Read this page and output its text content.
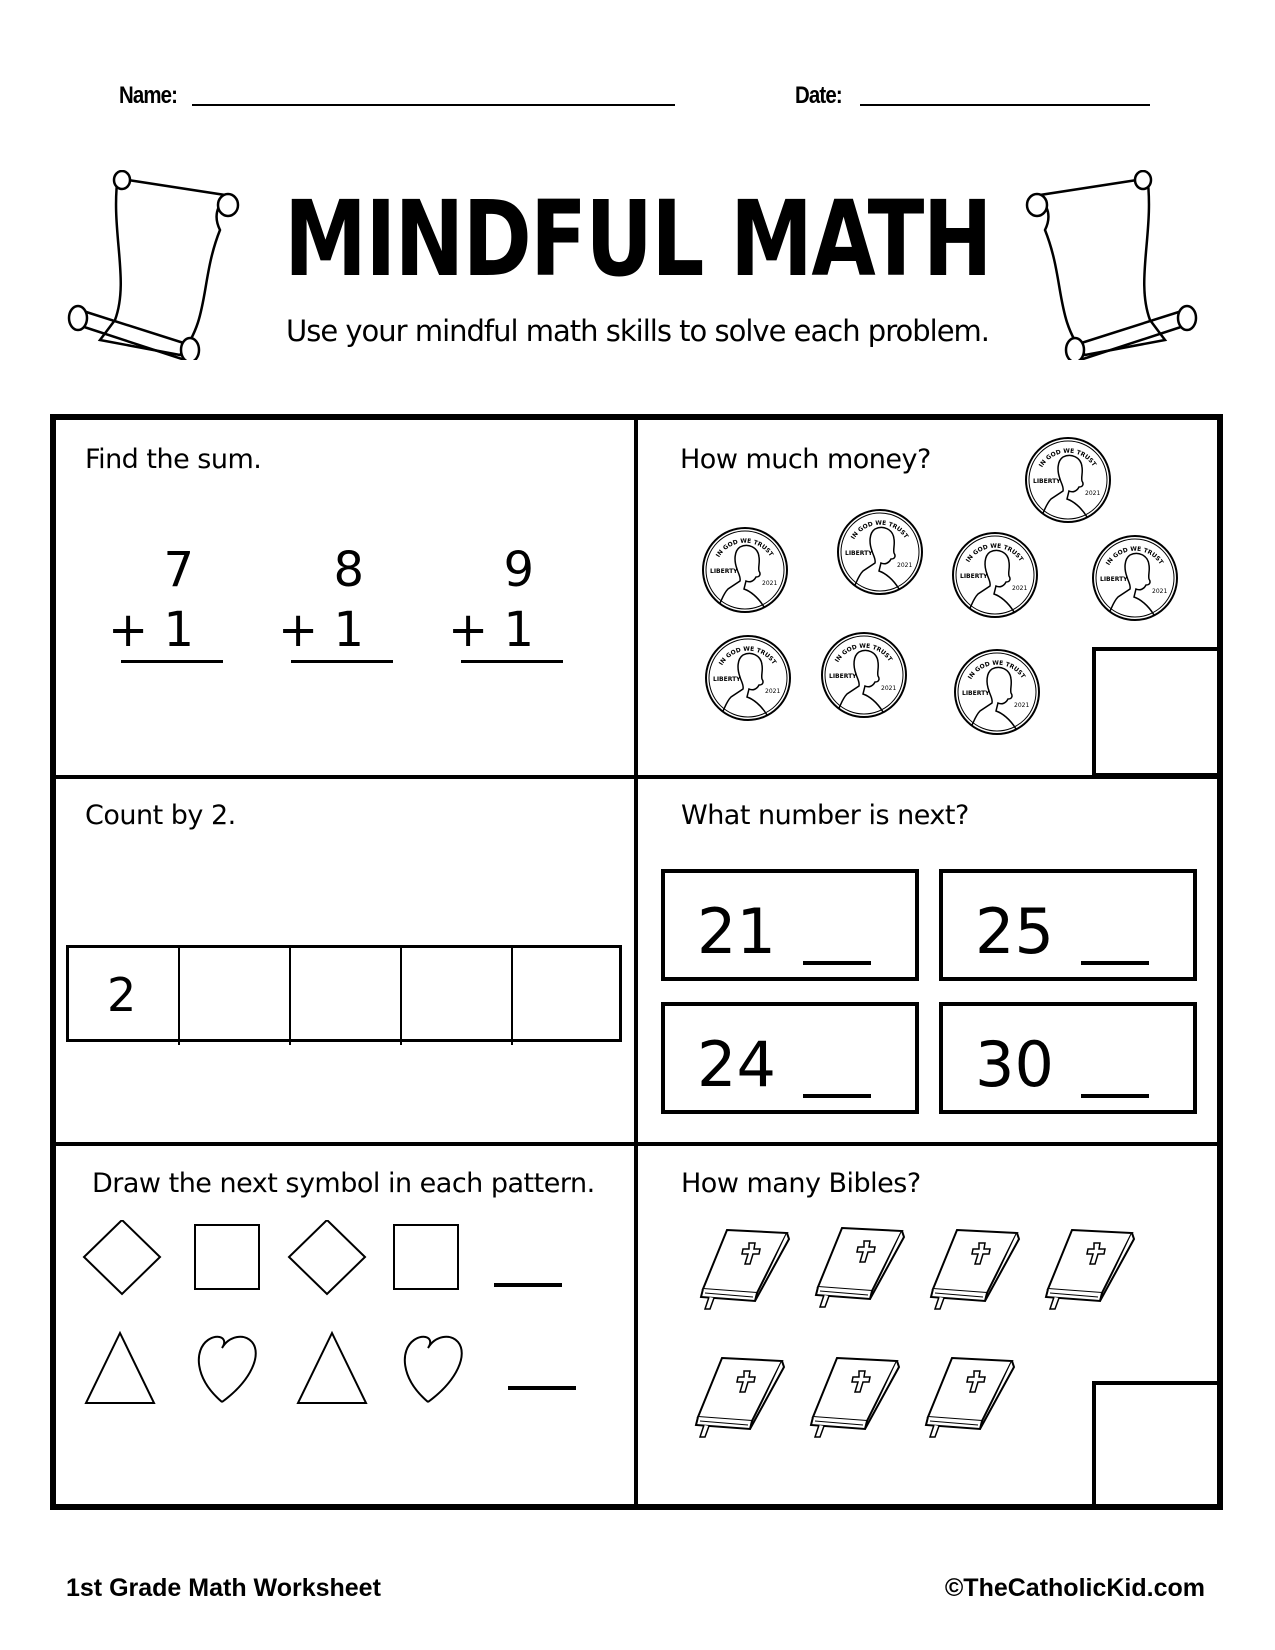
Name:	Date:
MINDFUL MATH
Use your mindful math skills to solve each problem.
Find the sum.
7
+ 1
8
+ 1
9
+ 1
How much money?
Count by 2.
2
What number is next?
21	25
24	30
Draw the next symbol in each pattern.	How many Bibles?
1st Grade Math Worksheet	©TheCatholicKid.com
